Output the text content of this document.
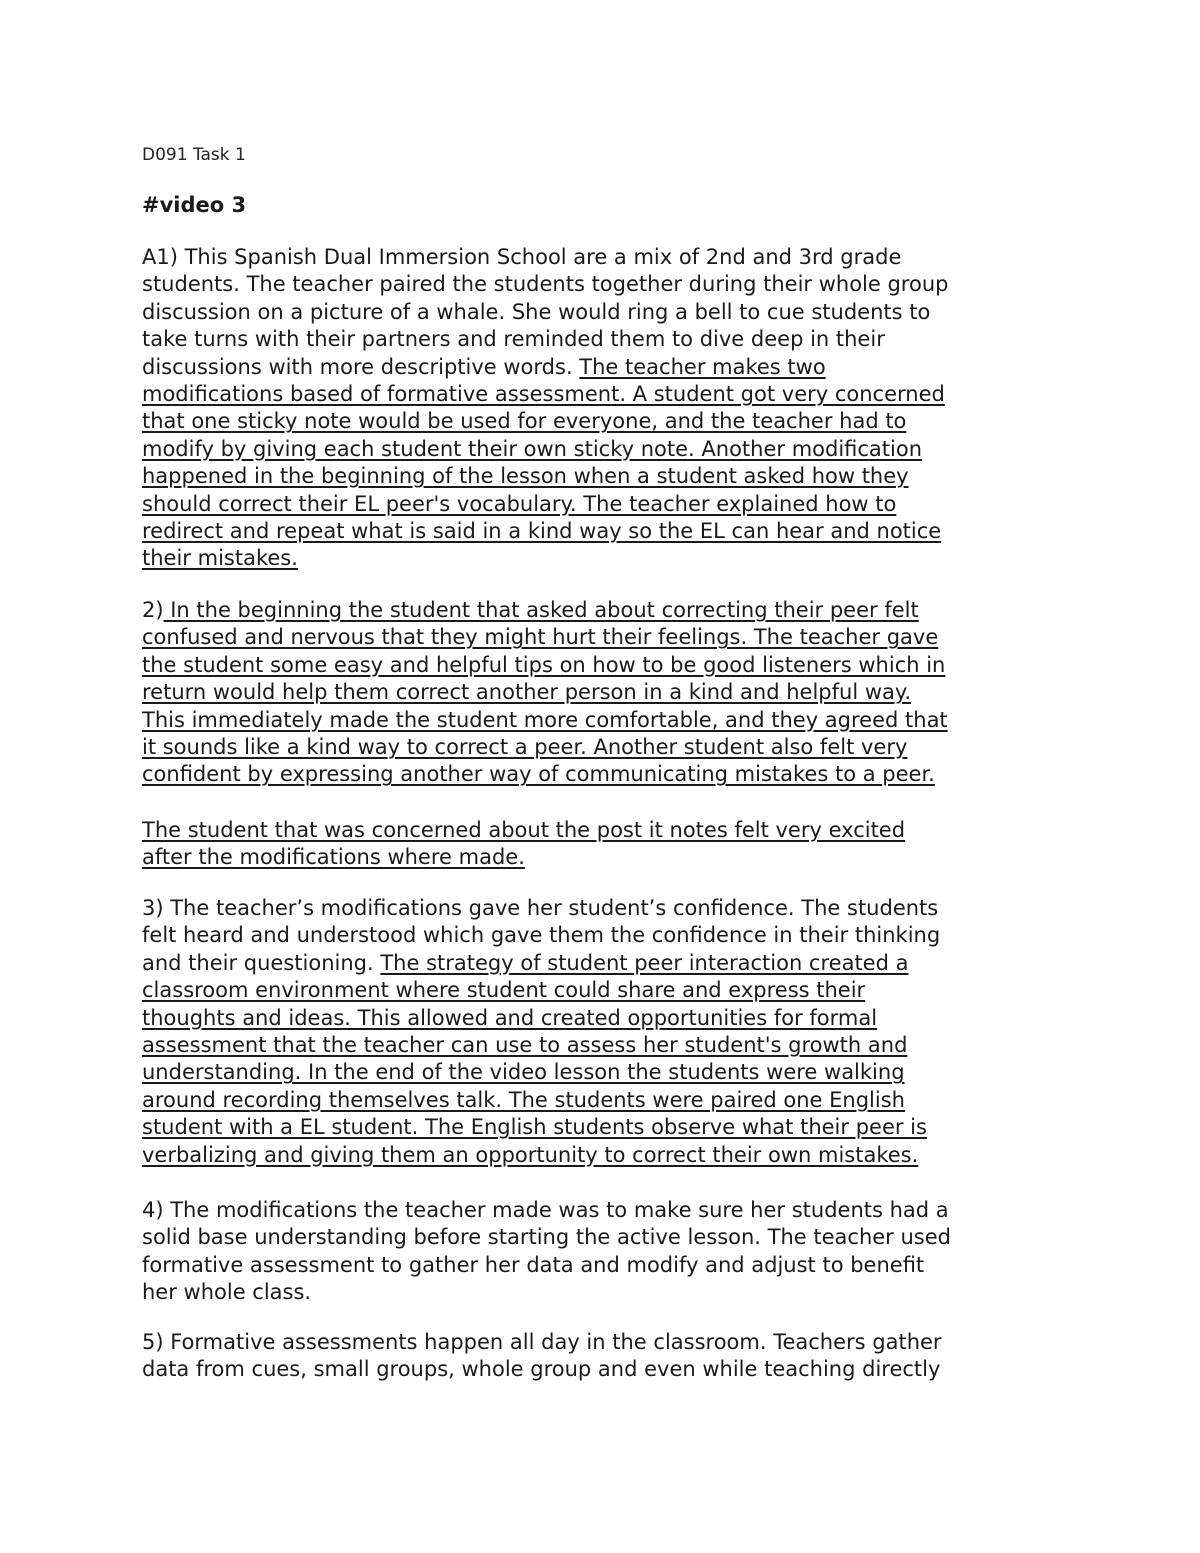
D091 Task 1
#video 3
A1) This Spanish Dual Immersion School are a mix of 2nd and 3rd grade
students. The teacher paired the students together during their whole group
discussion on a picture of a whale. She would ring a bell to cue students to
take turns with their partners and reminded them to dive deep in their
discussions with more descriptive words. The teacher makes two
modifications based of formative assessment. A student got very concerned
that one sticky note would be used for everyone, and the teacher had to
modify by giving each student their own sticky note. Another modification
happened in the beginning of the lesson when a student asked how they
should correct their EL peer's vocabulary. The teacher explained how to
redirect and repeat what is said in a kind way so the EL can hear and notice
their mistakes.
2) In the beginning the student that asked about correcting their peer felt
confused and nervous that they might hurt their feelings. The teacher gave
the student some easy and helpful tips on how to be good listeners which in
return would help them correct another person in a kind and helpful way.
This immediately made the student more comfortable, and they agreed that
it sounds like a kind way to correct a peer. Another student also felt very
confident by expressing another way of communicating mistakes to a peer.
The student that was concerned about the post it notes felt very excited
after the modifications where made.
3) The teacher’s modifications gave her student’s confidence. The students
felt heard and understood which gave them the confidence in their thinking
and their questioning. The strategy of student peer interaction created a
classroom environment where student could share and express their
thoughts and ideas. This allowed and created opportunities for formal
assessment that the teacher can use to assess her student's growth and
understanding. In the end of the video lesson the students were walking
around recording themselves talk. The students were paired one English
student with a EL student. The English students observe what their peer is
verbalizing and giving them an opportunity to correct their own mistakes.
4) The modifications the teacher made was to make sure her students had a
solid base understanding before starting the active lesson. The teacher used
formative assessment to gather her data and modify and adjust to benefit
her whole class.
5) Formative assessments happen all day in the classroom. Teachers gather
data from cues, small groups, whole group and even while teaching directly
